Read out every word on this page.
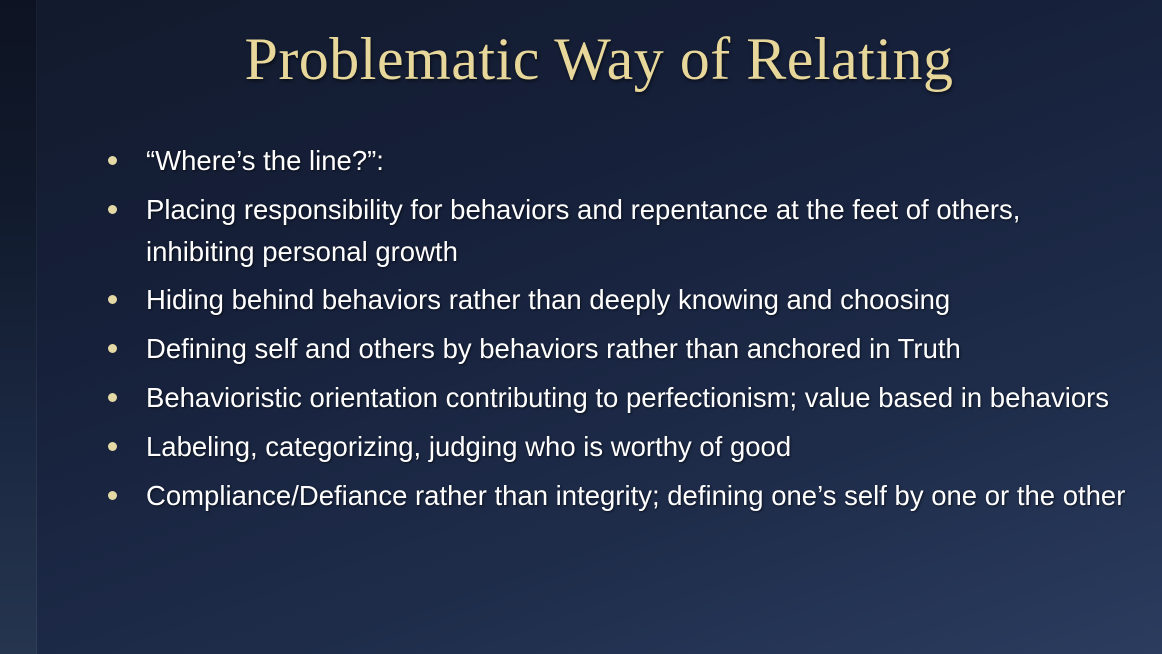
Problematic Way of Relating
“Where’s the line?”:
Placing responsibility for behaviors and repentance at the feet of others, inhibiting personal growth
Hiding behind behaviors rather than deeply knowing and choosing
Defining self and others by behaviors rather than anchored in Truth
Behavioristic orientation contributing to perfectionism; value based in behaviors
Labeling, categorizing, judging who is worthy of good
Compliance/Defiance rather than integrity; defining one’s self by one or the other
